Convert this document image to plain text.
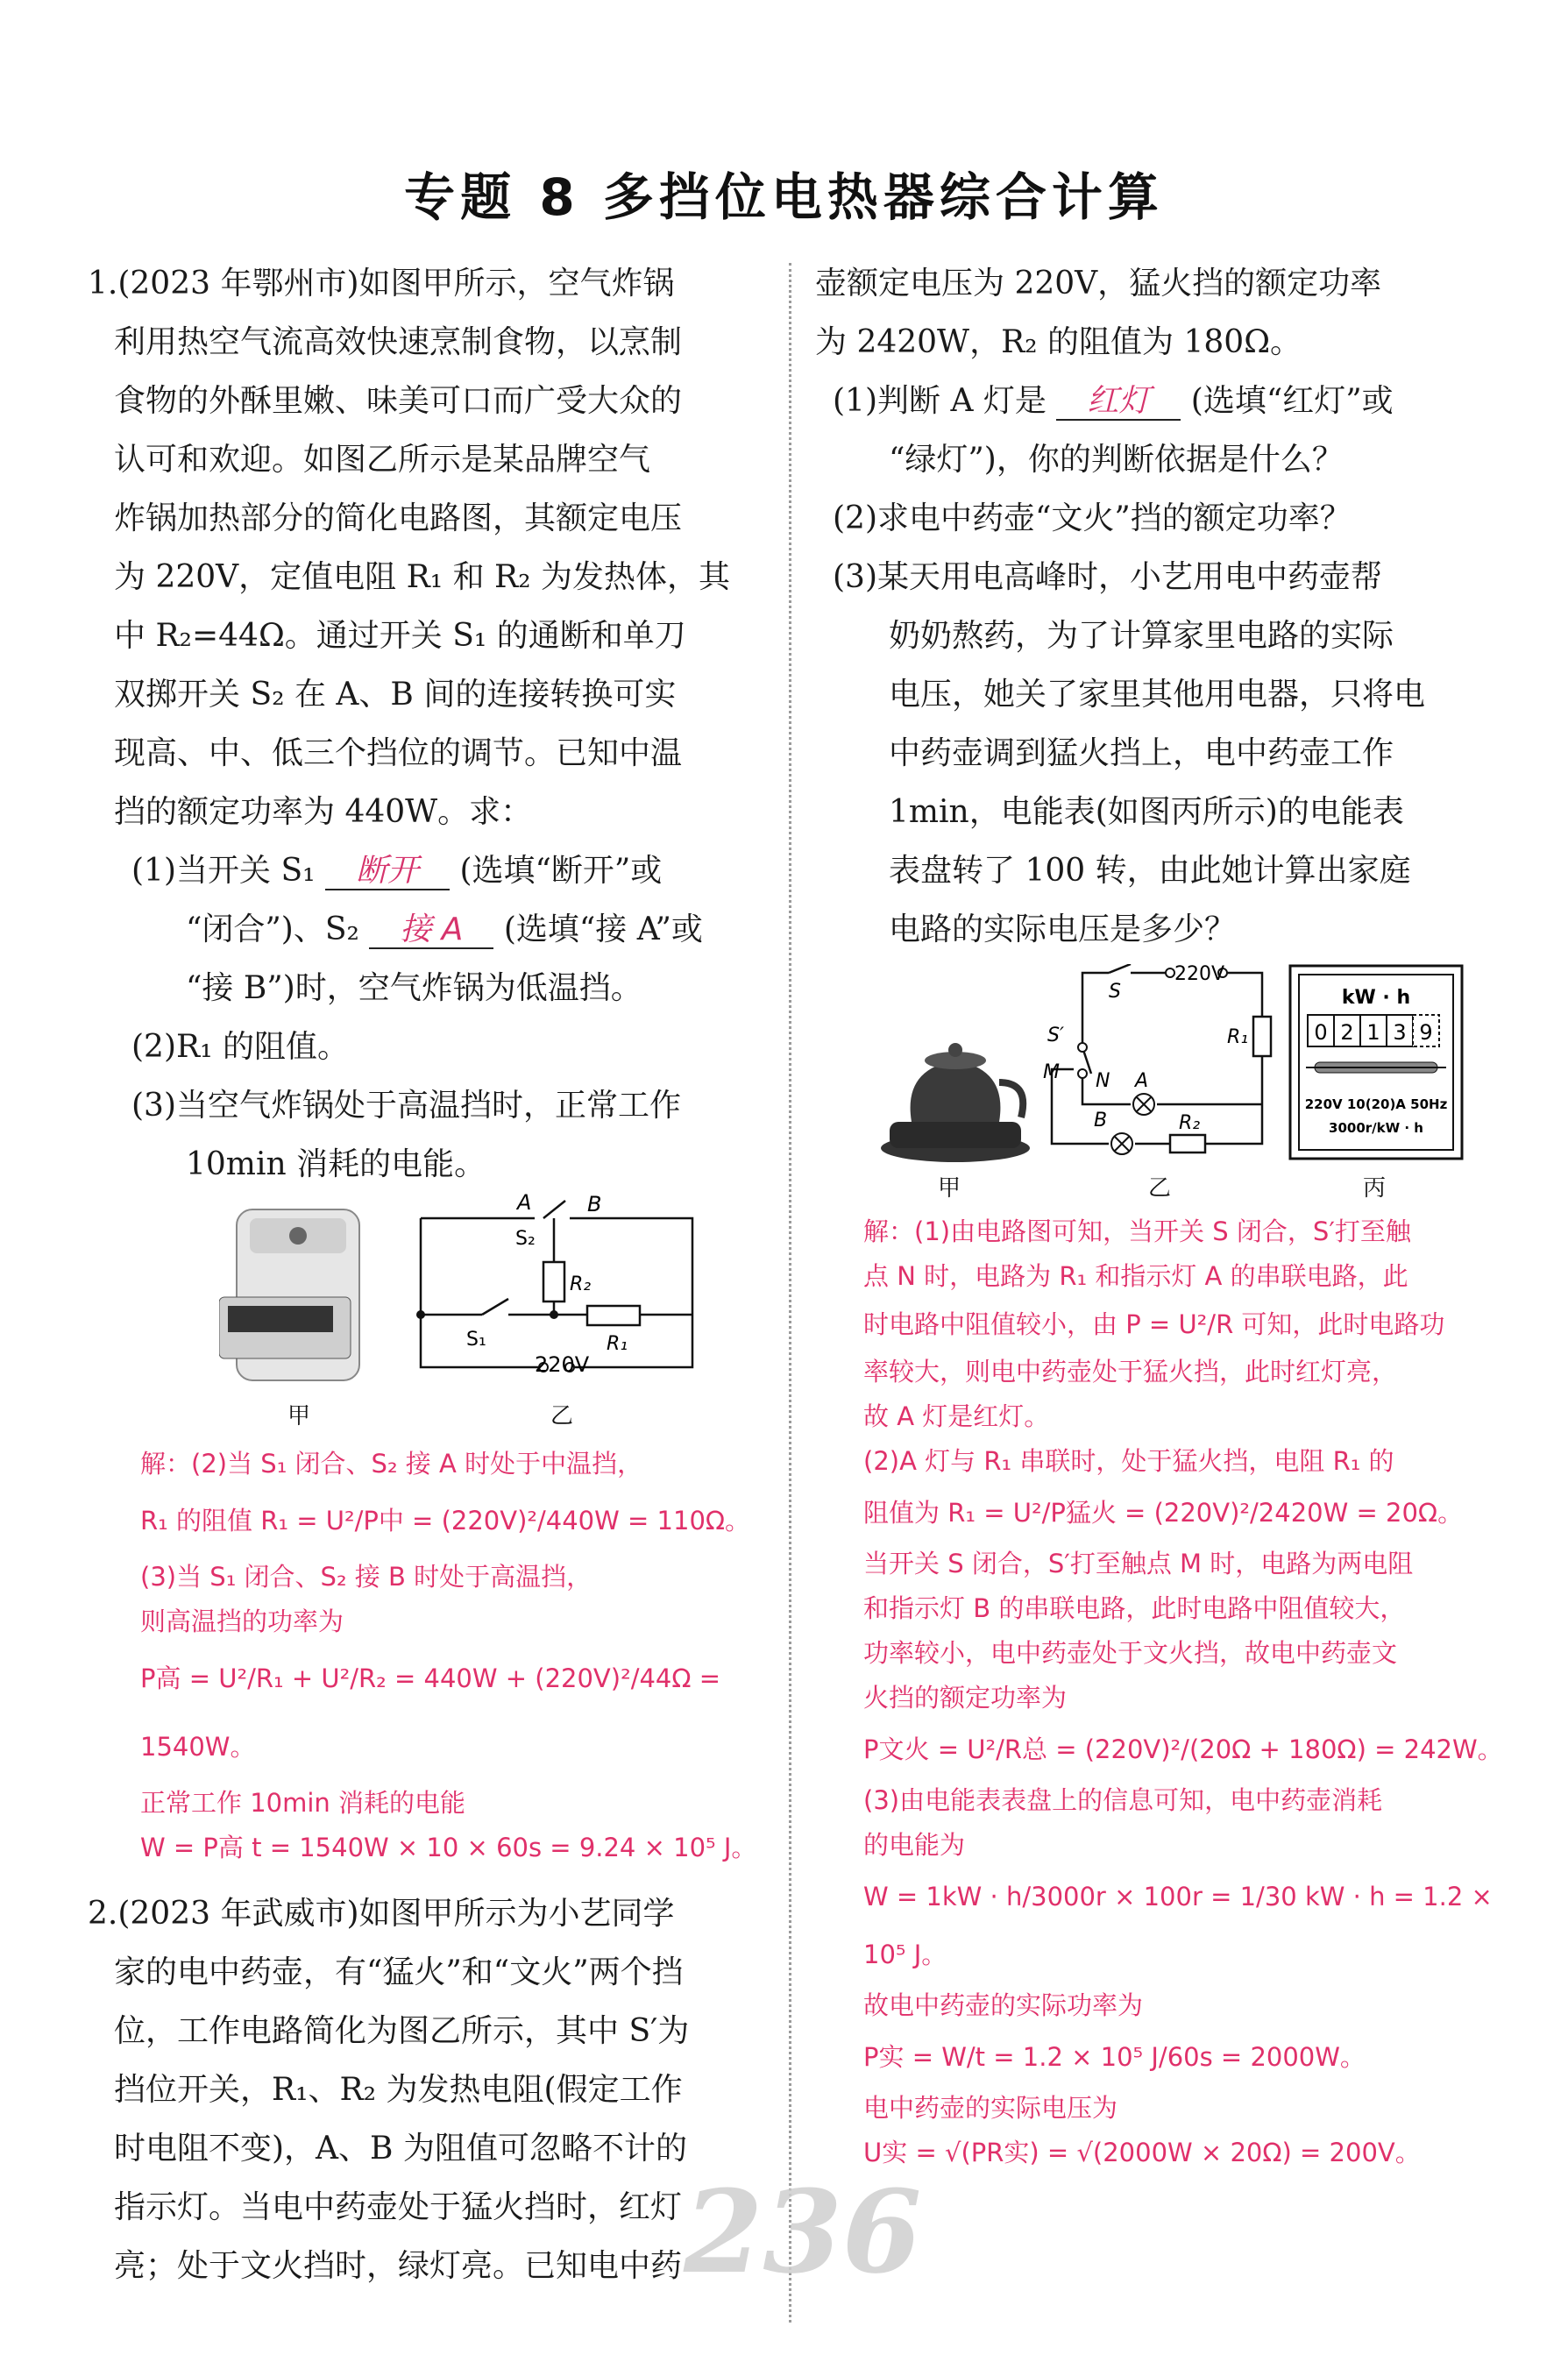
专题 8 多挡位电热器综合计算

1.(2023 年鄂州市)如图甲所示，空气炸锅

利用热空气流高效快速烹制食物，以烹制

食物的外酥里嫩、味美可口而广受大众的

认可和欢迎。如图乙所示是某品牌空气

炸锅加热部分的简化电路图，其额定电压

为 220V，定值电阻 R₁ 和 R₂ 为发热体，其

中 R₂=44Ω。通过开关 S₁ 的通断和单刀

双掷开关 S₂ 在 A、B 间的连接转换可实

现高、中、低三个挡位的调节。已知中温

挡的额定功率为 440W。求：

(1)当开关 S₁ 断开 (选填“断开”或

“闭合”)、S₂ 接 A (选填“接 A”或

“接 B”)时，空气炸锅为低温挡。

(2)R₁ 的阻值。

(3)当空气炸锅处于高温挡时，正常工作

10min 消耗的电能。

甲
A	B
S₂
R₂
S₁	R₁
220V
乙

解：(2)当 S₁ 闭合、S₂ 接 A 时处于中温挡，

R₁ 的阻值 R₁ = U²/P中 = (220V)²/440W = 110Ω。

(3)当 S₁ 闭合、S₂ 接 B 时处于高温挡，

则高温挡的功率为

P高 = U²/R₁ + U²/R₂ = 440W + (220V)²/44Ω = 1540W。

正常工作 10min 消耗的电能

W = P高 t = 1540W × 10 × 60s = 9.24 × 10⁵ J。

2.(2023 年武威市)如图甲所示为小艺同学

家的电中药壶，有“猛火”和“文火”两个挡

位，工作电路简化为图乙所示，其中 S′为

挡位开关，R₁、R₂ 为发热电阻(假定工作

时电阻不变)，A、B 为阻值可忽略不计的

指示灯。当电中药壶处于猛火挡时，红灯

亮；处于文火挡时，绿灯亮。已知电中药

壶额定电压为 220V，猛火挡的额定功率

为 2420W，R₂ 的阻值为 180Ω。

(1)判断 A 灯是 红灯 (选填“红灯”或

“绿灯”)，你的判断依据是什么？

(2)求电中药壶“文火”挡的额定功率？

(3)某天用电高峰时，小艺用电中药壶帮

奶奶熬药，为了计算家里电路的实际

电压，她关了家里其他用电器，只将电

中药壶调到猛火挡上，电中药壶工作

1min，电能表(如图丙所示)的电能表

表盘转了 100 转，由此她计算出家庭

电路的实际电压是多少？

甲
S
220V
S′
M N A
B
R₁
R₂
乙
kW · h
0 2 1 3 9
220V 10(20)A 50Hz
3000r/kW · h
丙

解：(1)由电路图可知，当开关 S 闭合，S′打至触

点 N 时，电路为 R₁ 和指示灯 A 的串联电路，此

时电路中阻值较小，由 P = U²/R 可知，此时电路功

率较大，则电中药壶处于猛火挡，此时红灯亮，

故 A 灯是红灯。

(2)A 灯与 R₁ 串联时，处于猛火挡，电阻 R₁ 的

阻值为 R₁ = U²/P猛火 = (220V)²/2420W = 20Ω。

当开关 S 闭合，S′打至触点 M 时，电路为两电阻

和指示灯 B 的串联电路，此时电路中阻值较大，

功率较小，电中药壶处于文火挡，故电中药壶文

火挡的额定功率为

P文火 = U²/R总 = (220V)²/(20Ω + 180Ω) = 242W。

(3)由电能表表盘上的信息可知，电中药壶消耗

的电能为

W = 1kW · h/3000r × 100r = 1/30 kW · h = 1.2 × 10⁵ J。

故电中药壶的实际功率为

P实 = W/t = 1.2 × 10⁵ J/60s = 2000W。

电中药壶的实际电压为

U实 = √(PR实) = √(2000W × 20Ω) = 200V。

236
